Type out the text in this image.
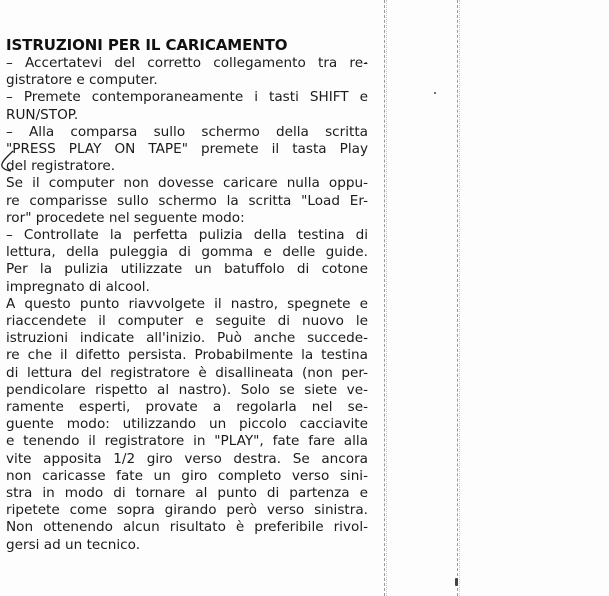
ISTRUZIONI PER IL CARICAMENTO
– Accertatevi del corretto collegamento tra re-
gistratore e computer.
– Premete contemporaneamente i tasti SHIFT e
RUN/STOP.
– Alla comparsa sullo schermo della scritta
"PRESS PLAY ON TAPE" premete il tasta Play
del registratore.
Se il computer non dovesse caricare nulla oppu-
re comparisse sullo schermo la scritta "Load Er-
ror" procedete nel seguente modo:
– Controllate la perfetta pulizia della testina di
lettura, della puleggia di gomma e delle guide.
Per la pulizia utilizzate un batuffolo di cotone
impregnato di alcool.
A questo punto riavvolgete il nastro, spegnete e
riaccendete il computer e seguite di nuovo le
istruzioni indicate all'inizio. Può anche succede-
re che il difetto persista. Probabilmente la testina
di lettura del registratore è disallineata (non per-
pendicolare rispetto al nastro). Solo se siete ve-
ramente esperti, provate a regolarla nel se-
guente modo: utilizzando un piccolo cacciavite
e tenendo il registratore in "PLAY", fate fare alla
vite apposita 1/2 giro verso destra. Se ancora
non caricasse fate un giro completo verso sini-
stra in modo di tornare al punto di partenza e
ripetete come sopra girando però verso sinistra.
Non ottenendo alcun risultato è preferibile rivol-
gersi ad un tecnico.
